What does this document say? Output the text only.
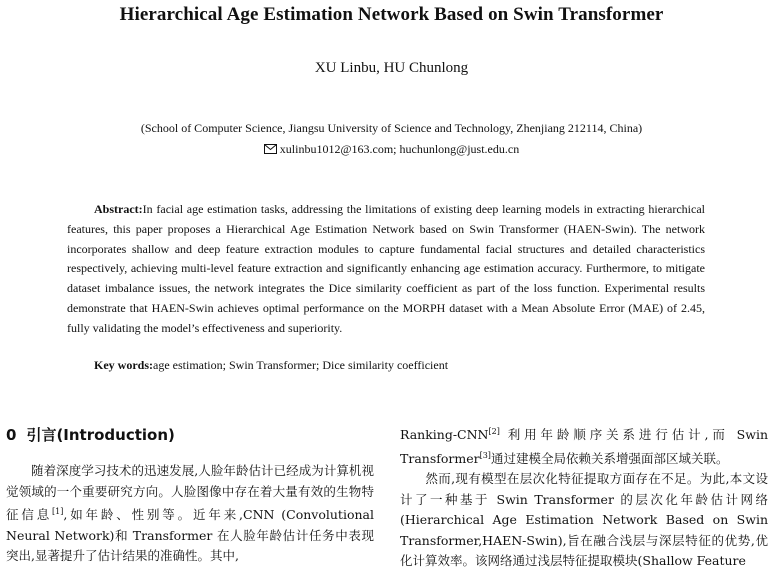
Hierarchical Age Estimation Network Based on Swin Transformer
XU Linbu, HU Chunlong
(School of Computer Science, Jiangsu University of Science and Technology, Zhenjiang 212114, China)
xulinbu1012@163.com; huchunlong@just.edu.cn
Abstract:In facial age estimation tasks, addressing the limitations of existing deep learning models in extracting hierarchical features, this paper proposes a Hierarchical Age Estimation Network based on Swin Transformer (HAEN-Swin). The network incorporates shallow and deep feature extraction modules to capture fundamental facial structures and detailed characteristics respectively, achieving multi-level feature extraction and significantly enhancing age estimation accuracy. Furthermore, to mitigate dataset imbalance issues, the network integrates the Dice similarity coefficient as part of the loss function. Experimental results demonstrate that HAEN-Swin achieves optimal performance on the MORPH dataset with a Mean Absolute Error (MAE) of 2.45, fully validating the model’s effectiveness and superiority.
Key words:age estimation; Swin Transformer; Dice similarity coefficient
0 引言(Introduction)
随着深度学习技术的迅速发展,人脸年龄估计已经成为计算机视觉领域的一个重要研究方向。人脸图像中存在着大量有效的生物特征信息[1],如年龄、性别等。近年来,CNN (Convolutional Neural Network)和 Transformer 在人脸年龄估计任务中表现突出,显著提升了估计结果的准确性。其中,
Ranking-CNN[2] 利用年龄顺序关系进行估计,而 Swin Transformer[3]通过建模全局依赖关系增强面部区域关联。
然而,现有模型在层次化特征提取方面存在不足。为此,本文设计了一种基于 Swin Transformer 的层次化年龄估计网络(Hierarchical Age Estimation Network Based on Swin Transformer,HAEN-Swin),旨在融合浅层与深层特征的优势,优化计算效率。该网络通过浅层特征提取模块(Shallow Feature
